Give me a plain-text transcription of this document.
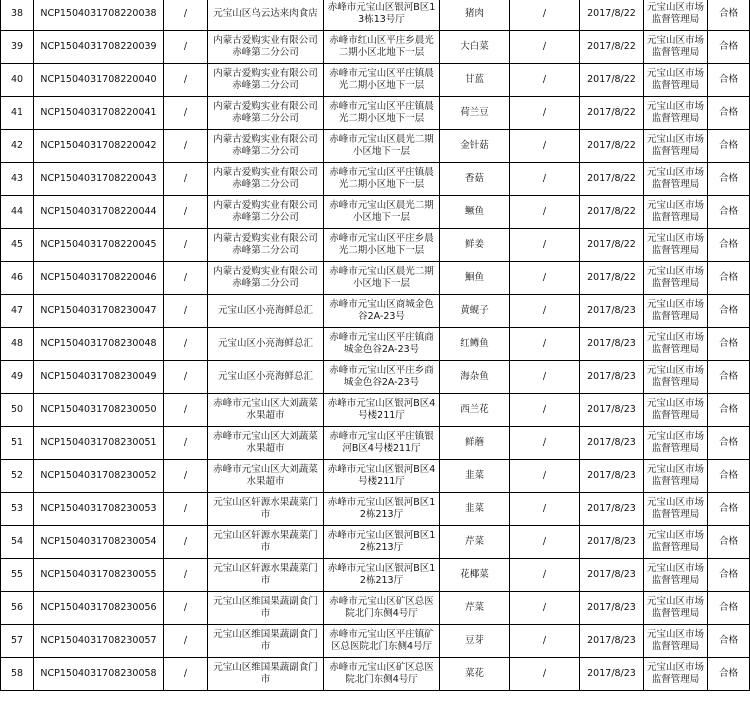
38	NCP1504031708220038	/	元宝山区乌云达来肉食店	赤峰市元宝山区银河B区13栋13号厅	猪肉	/	2017/8/22	元宝山区市场监督管理局	合格
39	NCP1504031708220039	/	内蒙古爱购实业有限公司赤峰第二分公司	赤峰市红山区平庄乡晨光二期小区北地下一层	大白菜	/	2017/8/22	元宝山区市场监督管理局	合格
40	NCP1504031708220040	/	内蒙古爱购实业有限公司赤峰第二分公司	赤峰市元宝山区平庄镇晨光二期小区地下一层	甘蓝	/	2017/8/22	元宝山区市场监督管理局	合格
41	NCP1504031708220041	/	内蒙古爱购实业有限公司赤峰第二分公司	赤峰市元宝山区平庄镇晨光二期小区地下一层	荷兰豆	/	2017/8/22	元宝山区市场监督管理局	合格
42	NCP1504031708220042	/	内蒙古爱购实业有限公司赤峰第二分公司	赤峰市元宝山区晨光二期小区地下一层	金针菇	/	2017/8/22	元宝山区市场监督管理局	合格
43	NCP1504031708220043	/	内蒙古爱购实业有限公司赤峰第二分公司	赤峰市元宝山区平庄镇晨光二期小区地下一层	香菇	/	2017/8/22	元宝山区市场监督管理局	合格
44	NCP1504031708220044	/	内蒙古爱购实业有限公司赤峰第二分公司	赤峰市元宝山区晨光二期小区地下一层	鳜鱼	/	2017/8/22	元宝山区市场监督管理局	合格
45	NCP1504031708220045	/	内蒙古爱购实业有限公司赤峰第二分公司	赤峰市元宝山区平庄乡晨光二期小区地下一层	鲜姜	/	2017/8/22	元宝山区市场监督管理局	合格
46	NCP1504031708220046	/	内蒙古爱购实业有限公司赤峰第二分公司	赤峰市元宝山区晨光二期小区地下一层	鮰鱼	/	2017/8/22	元宝山区市场监督管理局	合格
47	NCP1504031708230047	/	元宝山区小亮海鲜总汇	赤峰市元宝山区商城金色谷2A-23号	黄蚬子	/	2017/8/23	元宝山区市场监督管理局	合格
48	NCP1504031708230048	/	元宝山区小亮海鲜总汇	赤峰市元宝山区平庄镇商城金色谷2A-23号	红鳟鱼	/	2017/8/23	元宝山区市场监督管理局	合格
49	NCP1504031708230049	/	元宝山区小亮海鲜总汇	赤峰市元宝山区平庄乡商城金色谷2A-23号	海杂鱼	/	2017/8/23	元宝山区市场监督管理局	合格
50	NCP1504031708230050	/	赤峰市元宝山区大刘蔬菜水果超市	赤峰市元宝山区银河B区4号楼211厅	西兰花	/	2017/8/23	元宝山区市场监督管理局	合格
51	NCP1504031708230051	/	赤峰市元宝山区大刘蔬菜水果超市	赤峰市元宝山区平庄镇银河B区4号楼211厅	鲜蘑	/	2017/8/23	元宝山区市场监督管理局	合格
52	NCP1504031708230052	/	赤峰市元宝山区大刘蔬菜水果超市	赤峰市元宝山区银河B区4号楼211厅	韭菜	/	2017/8/23	元宝山区市场监督管理局	合格
53	NCP1504031708230053	/	元宝山区轩源水果蔬菜门市	赤峰市元宝山区银河B区12栋213厅	韭菜	/	2017/8/23	元宝山区市场监督管理局	合格
54	NCP1504031708230054	/	元宝山区轩源水果蔬菜门市	赤峰市元宝山区银河B区12栋213厅	芹菜	/	2017/8/23	元宝山区市场监督管理局	合格
55	NCP1504031708230055	/	元宝山区轩源水果蔬菜门市	赤峰市元宝山区银河B区12栋213厅	花椰菜	/	2017/8/23	元宝山区市场监督管理局	合格
56	NCP1504031708230056	/	元宝山区维国果蔬副食门市	赤峰市元宝山区矿区总医院北门东侧4号厅	芹菜	/	2017/8/23	元宝山区市场监督管理局	合格
57	NCP1504031708230057	/	元宝山区维国果蔬副食门市	赤峰市元宝山区平庄镇矿区总医院北门东侧4号厅	豆芽	/	2017/8/23	元宝山区市场监督管理局	合格
58	NCP1504031708230058	/	元宝山区维国果蔬副食门市	赤峰市元宝山区矿区总医院北门东侧4号厅	菜花	/	2017/8/23	元宝山区市场监督管理局	合格
